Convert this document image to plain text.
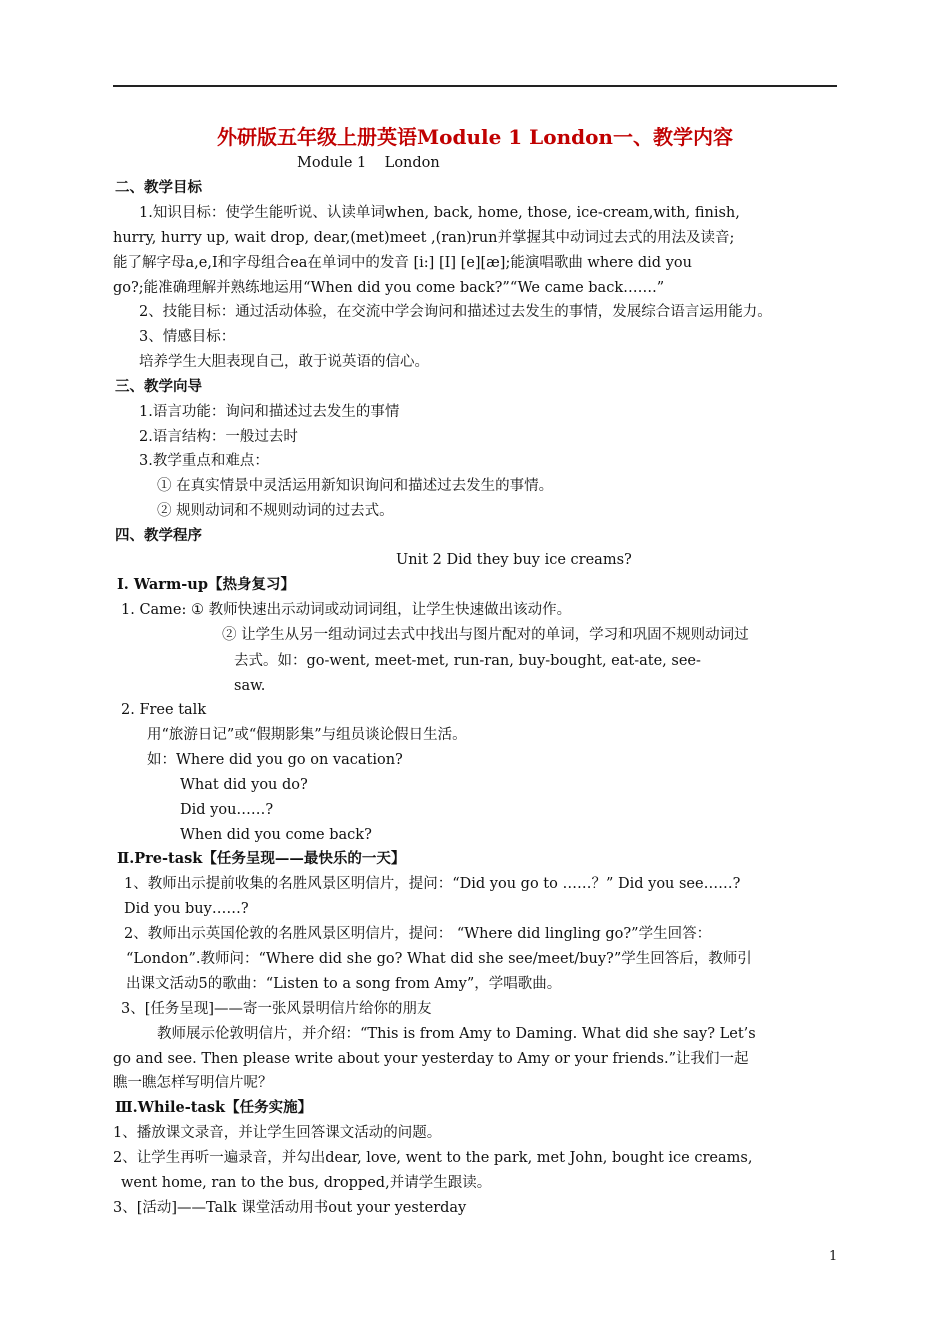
外研版五年级上册英语Module 1 London一、教学内容
Module 1    London
二、教学目标
1.知识目标：使学生能听说、认读单词when, back, home, those, ice-cream,with, finish,
hurry, hurry up, wait drop, dear,(met)meet ,(ran)run并掌握其中动词过去式的用法及读音;
能了解字母a,e,I和字母组合ea在单词中的发音 [i:] [I] [e][æ];能演唱歌曲 where did you
go?;能准确理解并熟练地运用“When did you come back?”“We came back…….”
2、技能目标：通过活动体验，在交流中学会询问和描述过去发生的事情，发展综合语言运用能力。
3、情感目标：
培养学生大胆表现自己，敢于说英语的信心。
三、教学向导
1.语言功能：询问和描述过去发生的事情
2.语言结构：一般过去时
3.教学重点和难点：
① 在真实情景中灵活运用新知识询问和描述过去发生的事情。
② 规则动词和不规则动词的过去式。
四、教学程序
Unit 2 Did they buy ice creams?
Ⅰ. Warm-up【热身复习】
1. Came: ① 教师快速出示动词或动词词组，让学生快速做出该动作。
② 让学生从另一组动词过去式中找出与图片配对的单词，学习和巩固不规则动词过
去式。如：go-went, meet-met, run-ran, buy-bought, eat-ate, see-
saw.
2. Free talk
用“旅游日记”或“假期影集”与组员谈论假日生活。
如：Where did you go on vacation?
What did you do?
Did you……?
When did you come back?
Ⅱ.Pre-task【任务呈现——最快乐的一天】
1、教师出示提前收集的名胜风景区明信片，提问：“Did you go to ……？” Did you see……?
Did you buy……?
2、教师出示英国伦敦的名胜风景区明信片，提问： “Where did lingling go?”学生回答：
“London”.教师问：“Where did she go? What did she see/meet/buy?”学生回答后，教师引
出课文活动5的歌曲：“Listen to a song from Amy”，学唱歌曲。
3、[任务呈现]——寄一张风景明信片给你的朋友
教师展示伦敦明信片，并介绍：“This is from Amy to Daming. What did she say? Let’s
go and see. Then please write about your yesterday to Amy or your friends.”让我们一起
瞧一瞧怎样写明信片呢？
Ⅲ.While-task【任务实施】
1、播放课文录音，并让学生回答课文活动的问题。
2、让学生再听一遍录音，并勾出dear, love, went to the park, met John, bought ice creams,
went home, ran to the bus, dropped,并请学生跟读。
3、[活动]——Talk 课堂活动用书out your yesterday
1
